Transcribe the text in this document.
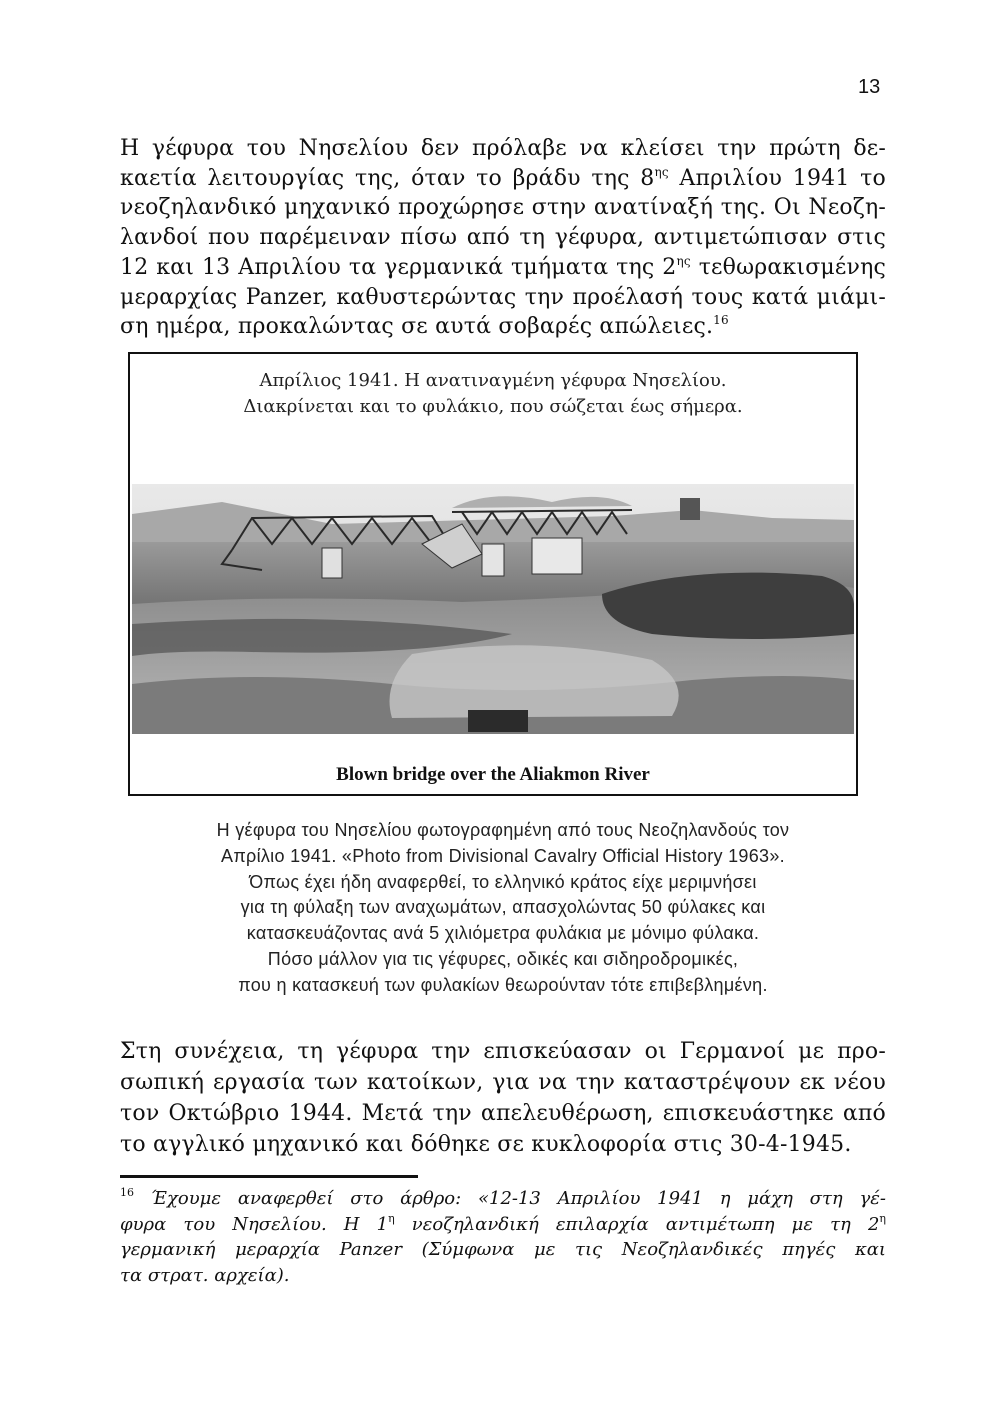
13
Η γέφυρα του Νησελίου δεν πρόλαβε να κλείσει την πρώτη δε-
καετία λειτουργίας της, όταν το βράδυ της $8^{\eta\varsigma}$ Απριλίου 1941 το
νεοζηλανδικό μηχανικό προχώρησε στην ανατίναξή της. Οι Νεοζη-
λανδοί που παρέμειναν πίσω από τη γέφυρα, αντιμετώπισαν στις
12 και 13 Απριλίου τα γερμανικά τμήματα της $2^{\eta\varsigma}$ τεθωρακισμένης
μεραρχίας Panzer, καθυστερώντας την προέλασή τους κατά μιάμι-
ση ημέρα, προκαλώντας σε αυτά σοβαρές απώλειες.$^{16}$
Απρίλιος 1941. Η ανατιναγμένη γέφυρα Νησελίου.
Διακρίνεται και το φυλάκιο, που σώζεται έως σήμερα.
Blown bridge over the Aliakmon River
Η γέφυρα του Νησελίου φωτογραφημένη από τους Νεοζηλανδούς τον
Απρίλιο 1941. «Photo from Divisional Cavalry Official History 1963».
Όπως έχει ήδη αναφερθεί, το ελληνικό κράτος είχε μεριμνήσει
για τη φύλαξη των αναχωμάτων, απασχολώντας 50 φύλακες και
κατασκευάζοντας ανά 5 χιλιόμετρα φυλάκια με μόνιμο φύλακα.
Πόσο μάλλον για τις γέφυρες, οδικές και σιδηροδρομικές,
που η κατασκευή των φυλακίων θεωρούνταν τότε επιβεβλημένη.
Στη συνέχεια, τη γέφυρα την επισκεύασαν οι Γερμανοί με προ-
σωπική εργασία των κατοίκων, για να την καταστρέψουν εκ νέου
τον Οκτώβριο 1944. Μετά την απελευθέρωση, επισκευάστηκε από
το αγγλικό μηχανικό και δόθηκε σε κυκλοφορία στις 30-4-1945.
$^{16}$ Έχουμε αναφερθεί στο άρθρο: «12-13 Απριλίου 1941 η μάχη στη γέ-
φυρα του Νησελίου. Η $1^\eta$ νεοζηλανδική επιλαρχία αντιμέτωπη με τη $2^\eta$
γερμανική μεραρχία Panzer (Σύμφωνα με τις Νεοζηλανδικές πηγές και
τα στρατ. αρχεία).
